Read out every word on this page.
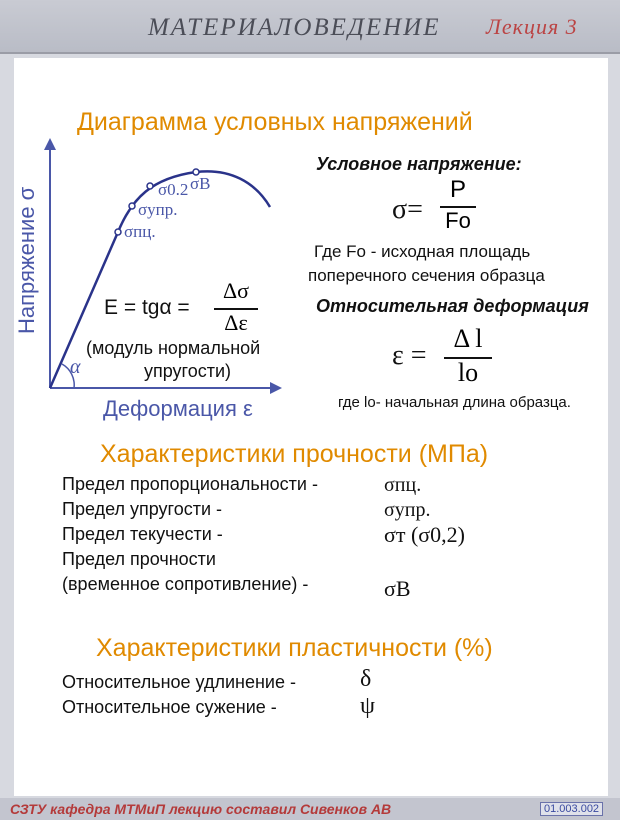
МАТЕРИАЛОВЕДЕНИЕ Лекция 3
Диаграмма условных напряжений
Напряжение σ
Деформация ε
α
σпц.
σупр.
σ0.2 σB
E = tgα =
Δσ
Δε
(модуль нормальной
упругости)
Условное напряжение:
σ=
P
Fo
Где Fo - исходная площадь
поперечного сечения образца
Относительная деформация
ε =
Δ l
lo
где lo- начальная длина образца.
Характеристики прочности (МПа)
Предел пропорциональности -	σпц.
Предел упругости -	σупр.
Предел текучести -	σт (σ0,2)
Предел прочности
(временное сопротивление) -	σB
Характеристики пластичности (%)
Относительное удлинение -	δ
Относительное сужение -	ψ
СЗТУ кафедра МТМиП лекцию составил Сивенков АВ	01.003.002
